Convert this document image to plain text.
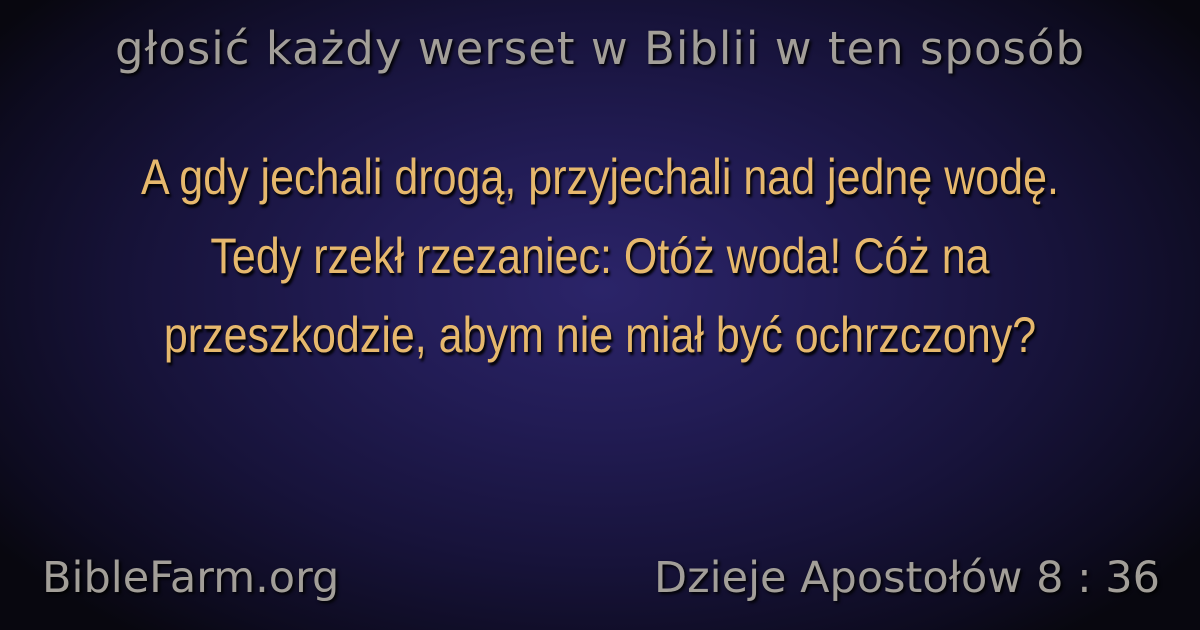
głosić każdy werset w Biblii w ten sposób
A gdy jechali drogą, przyjechali nad jednę wodę. Tedy rzekł rzezaniec: Otóż woda! Cóż na przeszkodzie, abym nie miał być ochrzczony?
BibleFarm.org	Dzieje Apostołów 8 : 36
